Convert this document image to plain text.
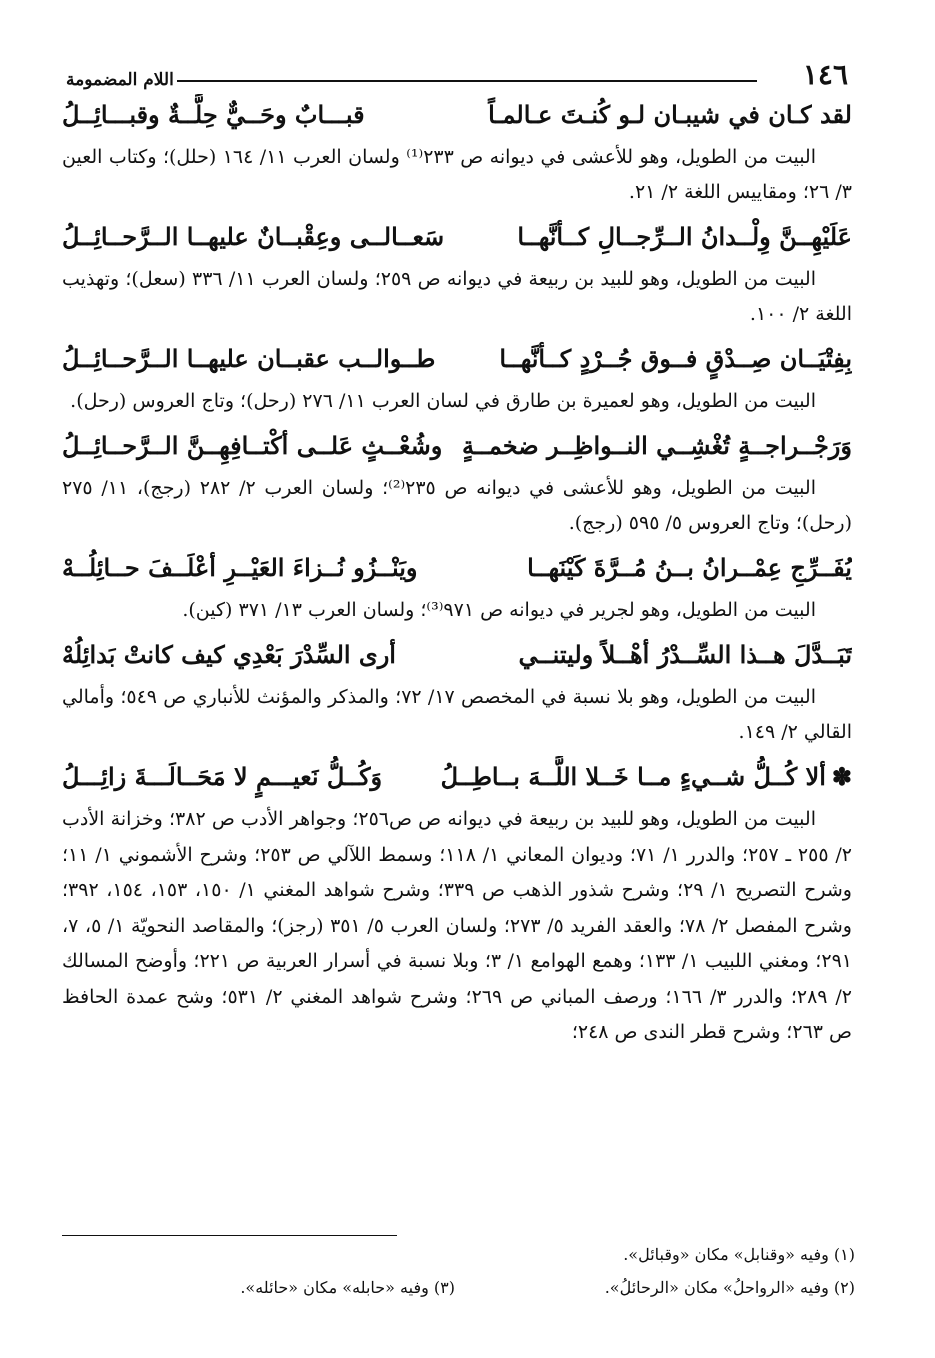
١٤٦
اللام المضمومة
لقد كـان في شيبـان لـو كُنـتَ عـالمـاً
قبـــابٌ وحَــيٌّ حِلَّــةٌ وقبـــائِــلُ

البيت من الطويل، وهو للأعشى في ديوانه ص ٢٣٣⁽¹⁾ ولسان العرب ١١/ ١٦٤ (حلل)؛ وكتاب العين ٣/ ٢٦؛ ومقاييس اللغة ٢/ ٢١.

عَلَيْهِــنَّ وِلْــدانُ الــرِّجــالِ كــأنَّهــا
سَعــالــى وعِقْبــانٌ عليهــا الــرَّحــائِــلُ

البيت من الطويل، وهو للبيد بن ربيعة في ديوانه ص ٢٥٩؛ ولسان العرب ١١/ ٣٣٦ (سعل)؛ وتهذيب اللغة ٢/ ١٠٠.

بِفِتْيَــان صِــدْقٍ فــوق جُــرْدٍ كــأنَّهــا
طــوالــب عقبــان عليهــا الــرَّحــائِــلُ

البيت من الطويل، وهو لعميرة بن طارق في لسان العرب ١١/ ٢٧٦ (رحل)؛ وتاج العروس (رحل).

وَرَجْــراجــةٍ تُغْشِــي النــواظِــر ضخمــةٍ
وشُعْــثٍ عَلــى أكْتــافِهِــنَّ الــرَّحــائِــلُ

البيت من الطويل، وهو للأعشى في ديوانه ص ٢٣٥⁽²⁾؛ ولسان العرب ٢/ ٢٨٢ (رجج)، ١١/ ٢٧٥ (رحل)؛ وتاج العروس ٥/ ٥٩٥ (رجج).

يُفَــرِّجِ عِمْــرانُ بــنُ مُــرَّةَ كَيْنَهــا
ويَنْــزُو نُــزاءَ العَيْــرِ أعْلَــفَ حــائِلُــهْ

البيت من الطويل، وهو لجرير في ديوانه ص ٩٧١⁽³⁾؛ ولسان العرب ١٣/ ٣٧١ (كين).

تَبَــدَّلَ هــذا السِّــدْرُ أهْــلاً وليتنــي
أرى السِّدْرَ بَعْدِي كيف كانتْ بَدائِلُهْ

البيت من الطويل، وهو بلا نسبة في المخصص ١٧/ ٧٢؛ والمذكر والمؤنث للأنباري ص ٥٤٩؛ وأمالي القالي ٢/ ١٤٩.

✽ألا كُــلُّ شــيءٍ مــا خَــلا اللَّــهَ بــاطِــلُ
وَكُــلُّ نَعيـــمٍ لا مَحَــالَـــةَ زائِـــلُ

البيت من الطويل، وهو للبيد بن ربيعة في ديوانه ص ص٢٥٦؛ وجواهر الأدب ص ٣٨٢؛ وخزانة الأدب ٢/ ٢٥٥ ـ ٢٥٧؛ والدرر ١/ ٧١؛ وديوان المعاني ١/ ١١٨؛ وسمط اللآلي ص ٢٥٣؛ وشرح الأشموني ١/ ١١؛ وشرح التصريح ١/ ٢٩؛ وشرح شذور الذهب ص ٣٣٩؛ وشرح شواهد المغني ١/ ١٥٠، ١٥٣، ١٥٤، ٣٩٢؛ وشرح المفصل ٢/ ٧٨؛ والعقد الفريد ٥/ ٢٧٣؛ ولسان العرب ٥/ ٣٥١ (رجز)؛ والمقاصد النحويّة ١/ ٥، ٧، ٢٩١؛ ومغني اللبيب ١/ ١٣٣؛ وهمع الهوامع ١/ ٣؛ وبلا نسبة في أسرار العربية ص ٢٢١؛ وأوضح المسالك ٢/ ٢٨٩؛ والدرر ٣/ ١٦٦؛ ورصف المباني ص ٢٦٩؛ وشرح شواهد المغني ٢/ ٥٣١؛ وشح عمدة الحافظ ص ٢٦٣؛ وشرح قطر الندى ص ٢٤٨؛

(١) وفيه «وقنابل» مكان «وقبائل».
(٢) وفيه «الرواحلُ» مكان «الرحائلُ».
(٣) وفيه «حابله» مكان «حائله».
